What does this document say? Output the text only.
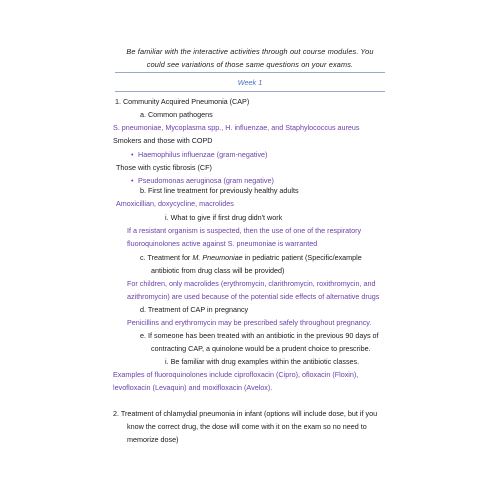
Be familiar with the interactive activities through out course modules. You
could see variations of those same questions on your exams.
Week 1
1. Community Acquired Pneumonia (CAP)
a. Common pathogens
S. pneumoniae, Mycoplasma spp., H. influenzae, and Staphylococcus aureus
Smokers and those with COPD
• Haemophilus influenzae (gram-negative)
Those with cystic fibrosis (CF)
• Pseudomonas aeruginosa (gram negative)
b. First line treatment for previously healthy adults
Amoxicillian, doxycycline, macrolides
i. What to give if first drug didn't work
If a resistant organism is suspected, then the use of one of the respiratory
fluoroquinolones active against S. pneumoniae is warranted
c. Treatment for M. Pneumoniae in pediatric patient (Specific/example
antibiotic from drug class will be provided)
For children, only macrolides (erythromycin, clarithromycin, roxithromycin, and
azithromycin) are used because of the potential side effects of alternative drugs
d. Treatment of CAP in pregnancy
Penicillins and erythromycin may be prescribed safely throughout pregnancy.
e. If someone has been treated with an antibiotic in the previous 90 days of
contracting CAP, a quinolone would be a prudent choice to prescribe.
i. Be familiar with drug examples within the antibiotic classes.
Examples of fluoroquinolones include ciprofloxacin (Cipro), ofloxacin (Floxin),
levofloxacin (Levaquin) and moxifloxacin (Avelox).
2. Treatment of chlamydial pneumonia in infant (options will include dose, but if you
know the correct drug, the dose will come with it on the exam so no need to
memorize dose)
